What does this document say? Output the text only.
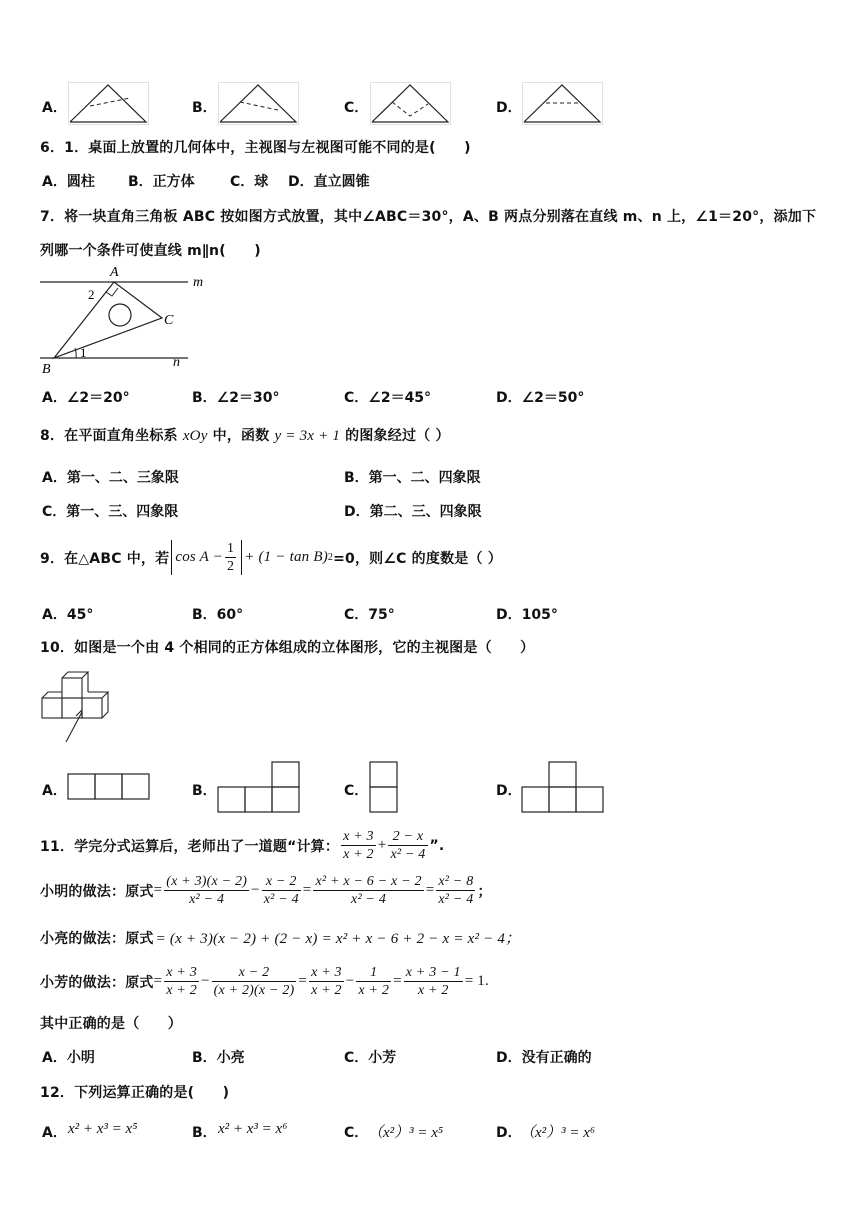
A．	B．	C．	D．
6．1．桌面上放置的几何体中，主视图与左视图可能不同的是(　　)
A．圆柱 B．正方体	C．球 D．直立圆锥
7．将一块直角三角板 ABC 按如图方式放置，其中∠ABC＝30°，A、B 两点分别落在直线 m、n 上，∠1＝20°，添加下
列哪一个条件可使直线 m∥n(　　)
A
B
C
m
n
1
2
A．∠2＝20°	B．∠2＝30°	C．∠2＝45°	D．∠2＝50°
8．在平面直角坐标系 xOy 中，函数 y = 3x + 1 的图象经过（ ）
A．第一、二、三象限	B．第一、二、四象限
C．第一、三、四象限	D．第二、三、四象限
9．在△ABC 中，若 $\cos A - \frac{1}{2} + (1 - \tan B)$ 2 =0，则∠C 的度数是（ ）
A．45°	B．60°	C．75°	D．105°
10．如图是一个由 4 个相同的正方体组成的立体图形，它的主视图是（　　）
A．	B．	C．	D．
11．学完分式运算后，老师出了一道题“计算： $\frac{x + 3}{x + 2} + \frac{2 - x}{\text{x² − 4}}$ ”.
小明的做法：原式 = $\frac{(x + 3)(x - 2)}{\text{x² − 4}} - \frac{x - 2}{\text{x² − 4}} = \frac{\text{x² + x − 6 − x − 2}}{\text{x² − 4}} = \frac{\text{x² − 8}}{\text{x² − 4}}$ ；
小亮的做法：原式 = (x + 3)(x − 2) + (2 − x) = x² + x − 6 + 2 − x = x² − 4；
小芳的做法：原式 = $\frac{x + 3}{x + 2} - \frac{x - 2}{(x + 2)(x - 2)} = \frac{x + 3}{x + 2} - \frac{1}{x + 2} = \frac{x + 3 - 1}{x + 2} = 1$.
其中正确的是（　　）
A．小明	B．小亮	C．小芳	D．没有正确的
12．下列运算正确的是(　　)
A． x² + x³ = x⁵	B． x² + x³ = x⁶	C． （x²）³ = x⁵	D．
（x²）³ = x⁶
